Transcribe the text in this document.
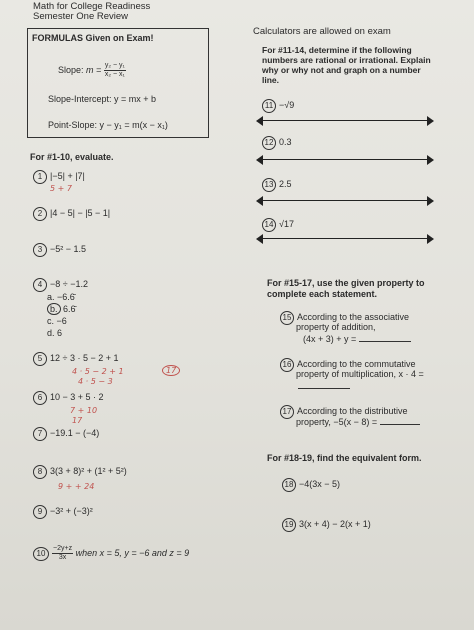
Math for College Readiness
Semester One Review
Calculators are allowed on exam
FORMULAS Given on Exam!
Slope: $m = \frac{\text{y₂ − y₁}}{\text{x₂ − x₁}}$
Slope-Intercept: y = mx + b
Point-Slope: y − y₁ = m(x − x₁)
For #1-10, evaluate.
1 |−5| + |7|
5 + 7
2 |4 − 5| − |5 − 1|
3 −5² − 1.5
4 −8 ÷ −1.2
a. −6.6̄
b. 6.6̄
c. −6
d. 6
5 12 ÷ 3 · 5 − 2 + 1
4 · 5 − 2 + 1
4 · 5 − 3
17
6 10 − 3 + 5 · 2
7 + 10
17
7 −19.1 − (−4)
8 3(3 + 8)² + (1² + 5²)
9 + + 24
9 −3² + (−3)²
$10 \frac{-2y+z}{3x}$ when x = 5, y = −6 and z = 9
For #11-14, determine if the following
numbers are rational or irrational. Explain
why or why not and graph on a number
line.
11 −√9
12 0.3
13 2.5
14 √17
For #15-17, use the given property to
complete each statement.
15 According to the associative
property of addition,
(4x + 3) + y =
16 According to the commutative
property of multiplication, x · 4 =
17 According to the distributive
property, −5(x − 8) =
For #18-19, find the equivalent form.
18 −4(3x − 5)
19 3(x + 4) − 2(x + 1)
